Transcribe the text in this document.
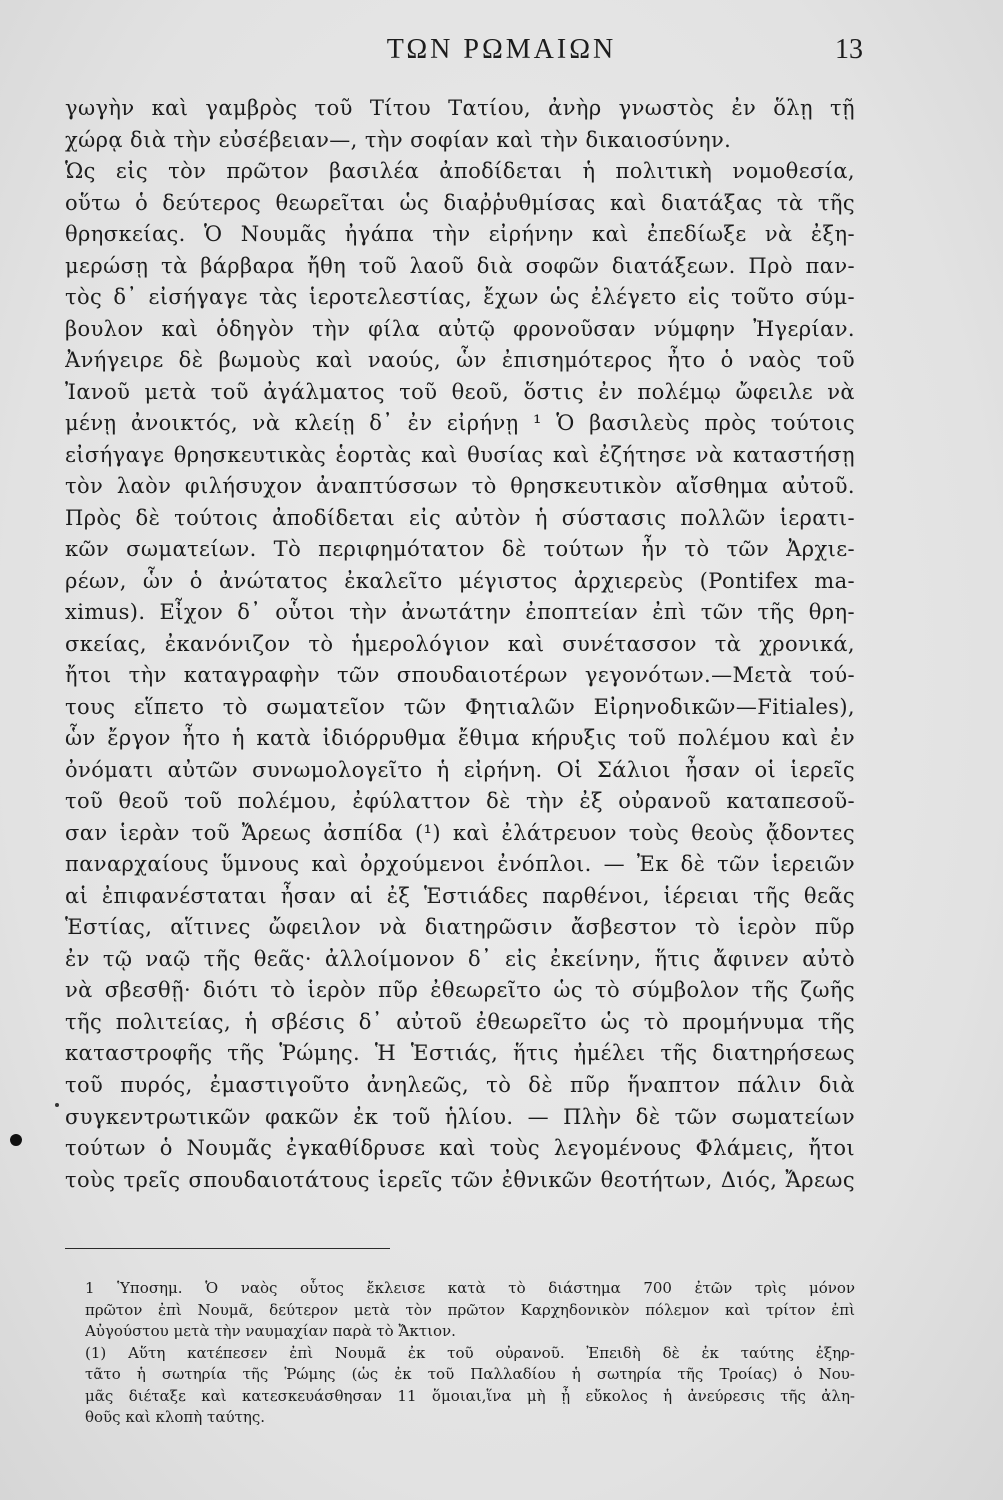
ΤΩΝ ΡΩΜΑΙΩΝ	13
γωγὴν καὶ γαμβρὸς τοῦ Τίτου Τατίου, ἀνὴρ γνωστὸς ἐν ὅλῃ τῇ
χώρᾳ διὰ τὴν εὐσέβειαν—, τὴν σοφίαν καὶ τὴν δικαιοσύνην.
Ὡς εἰς τὸν πρῶτον βασιλέα ἀποδίδεται ἡ πολιτικὴ νομοθεσία,
οὕτω ὁ δεύτερος θεωρεῖται ὡς διαῤῥυθμίσας καὶ διατάξας τὰ τῆς
θρησκείας. Ὁ Νουμᾶς ἠγάπα τὴν εἰρήνην καὶ ἐπεδίωξε νὰ ἐξη-
μερώσῃ τὰ βάρβαρα ἤθη τοῦ λαοῦ διὰ σοφῶν διατάξεων. Πρὸ παν-
τὸς δ᾽ εἰσήγαγε τὰς ἱεροτελεστίας, ἔχων ὡς ἐλέγετο εἰς τοῦτο σύμ-
βουλον καὶ ὁδηγὸν τὴν φίλα αὐτῷ φρονοῦσαν νύμφην Ἠγερίαν.
Ἀνήγειρε δὲ βωμοὺς καὶ ναούς, ὧν ἐπισημότερος ἦτο ὁ ναὸς τοῦ
Ἰανοῦ μετὰ τοῦ ἀγάλματος τοῦ θεοῦ, ὅστις ἐν πολέμῳ ὤφειλε νὰ
μένῃ ἀνοικτός, νὰ κλείῃ δ᾽ ἐν εἰρήνῃ ¹ Ὁ βασιλεὺς πρὸς τούτοις
εἰσήγαγε θρησκευτικὰς ἑορτὰς καὶ θυσίας καὶ ἐζήτησε νὰ καταστήσῃ
τὸν λαὸν φιλήσυχον ἀναπτύσσων τὸ θρησκευτικὸν αἴσθημα αὐτοῦ.
Πρὸς δὲ τούτοις ἀποδίδεται εἰς αὐτὸν ἡ σύστασις πολλῶν ἱερατι-
κῶν σωματείων. Τὸ περιφημότατον δὲ τούτων ἦν τὸ τῶν Ἀρχιε-
ρέων, ὧν ὁ ἀνώτατος ἐκαλεῖτο μέγιστος ἀρχιερεὺς (Pontifex ma-
ximus). Εἶχον δ᾽ οὗτοι τὴν ἀνωτάτην ἐποπτείαν ἐπὶ τῶν τῆς θρη-
σκείας, ἐκανόνιζον τὸ ἡμερολόγιον καὶ συνέτασσον τὰ χρονικά,
ἤτοι τὴν καταγραφὴν τῶν σπουδαιοτέρων γεγονότων.—Μετὰ τού-
τους εἵπετο τὸ σωματεῖον τῶν Φητιαλῶν Εἰρηνοδικῶν—Fitiales),
ὧν ἔργον ἦτο ἡ κατὰ ἰδιόρρυθμα ἔθιμα κήρυξις τοῦ πολέμου καὶ ἐν
ὀνόματι αὐτῶν συνωμολογεῖτο ἡ εἰρήνη. Οἱ Σάλιοι ἦσαν οἱ ἱερεῖς
τοῦ θεοῦ τοῦ πολέμου, ἐφύλαττον δὲ τὴν ἐξ οὐρανοῦ καταπεσοῦ-
σαν ἱερὰν τοῦ Ἄρεως ἀσπίδα (¹) καὶ ἐλάτρευον τοὺς θεοὺς ᾄδοντες
παναρχαίους ὕμνους καὶ ὀρχούμενοι ἐνόπλοι. — Ἐκ δὲ τῶν ἱερειῶν
αἱ ἐπιφανέσταται ἦσαν αἱ ἐξ Ἑστιάδες παρθένοι, ἱέρειαι τῆς θεᾶς
Ἑστίας, αἵτινες ὤφειλον νὰ διατηρῶσιν ἄσβεστον τὸ ἱερὸν πῦρ
ἐν τῷ ναῷ τῆς θεᾶς· ἀλλοίμονον δ᾽ εἰς ἐκείνην, ἥτις ἄφινεν αὐτὸ
νὰ σβεσθῇ· διότι τὸ ἱερὸν πῦρ ἐθεωρεῖτο ὡς τὸ σύμβολον τῆς ζωῆς
τῆς πολιτείας, ἡ σβέσις δ᾽ αὐτοῦ ἐθεωρεῖτο ὡς τὸ προμήνυμα τῆς
καταστροφῆς τῆς Ῥώμης. Ἡ Ἑστιάς, ἥτις ἠμέλει τῆς διατηρήσεως
τοῦ πυρός, ἐμαστιγοῦτο ἀνηλεῶς, τὸ δὲ πῦρ ἥναπτον πάλιν διὰ
συγκεντρωτικῶν φακῶν ἐκ τοῦ ἡλίου. — Πλὴν δὲ τῶν σωματείων
τούτων ὁ Νουμᾶς ἐγκαθίδρυσε καὶ τοὺς λεγομένους Φλάμεις, ἤτοι
τοὺς τρεῖς σπουδαιοτάτους ἱερεῖς τῶν ἐθνικῶν θεοτήτων, Διός, Ἄρεως
1 Ὑποσημ. Ὁ ναὸς οὗτος ἔκλεισε κατὰ τὸ διάστημα 700 ἐτῶν τρὶς μόνον
πρῶτον ἐπὶ Νουμᾶ, δεύτερον μετὰ τὸν πρῶτον Καρχηδονικὸν πόλεμον καὶ τρίτον ἐπὶ
Αὐγούστου μετὰ τὴν ναυμαχίαν παρὰ τὸ Ἄκτιον.
(1) Αὕτη κατέπεσεν ἐπὶ Νουμᾶ ἐκ τοῦ οὐρανοῦ. Ἐπειδὴ δὲ ἐκ ταύτης ἐξηρ-
τᾶτο ἡ σωτηρία τῆς Ῥώμης (ὡς ἐκ τοῦ Παλλαδίου ἡ σωτηρία τῆς Τροίας) ὁ Νου-
μᾶς διέταξε καὶ κατεσκευάσθησαν 11 ὅμοιαι,ἵνα μὴ ᾖ εὔκολος ἡ ἀνεύρεσις τῆς ἀλη-
θοῦς καὶ κλοπὴ ταύτης.
